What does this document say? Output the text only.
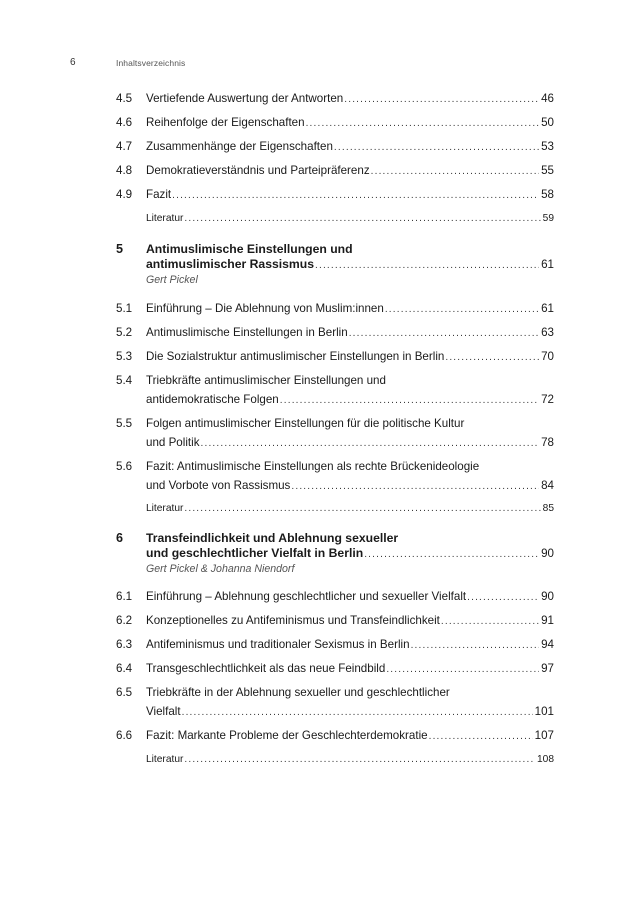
6	Inhaltsverzeichnis
4.5 Vertiefende Auswertung der Antworten .....	46
4.6 Reihenfolge der Eigenschaften .....	50
4.7 Zusammenhänge der Eigenschaften .....	53
4.8 Demokratieverständnis und Parteipräferenz .....	55
4.9 Fazit .....	58
Literatur .....	59
5 Antimuslimische Einstellungen und
antimuslimischer Rassismus .....	61
Gert Pickel
5.1 Einführung – Die Ablehnung von Muslim:innen .....	61
5.2 Antimuslimische Einstellungen in Berlin .....	63
5.3 Die Sozialstruktur antimuslimischer Einstellungen in Berlin .....	70
5.4 Triebkräfte antimuslimischer Einstellungen und
antidemokratische Folgen .....	72
5.5 Folgen antimuslimischer Einstellungen für die politische Kultur
und Politik .....	78
5.6 Fazit: Antimuslimische Einstellungen als rechte Brückenideologie
und Vorbote von Rassismus .....	84
Literatur .....	85
6 Transfeindlichkeit und Ablehnung sexueller
und geschlechtlicher Vielfalt in Berlin .....	90
Gert Pickel & Johanna Niendorf
6.1 Einführung – Ablehnung geschlechtlicher und sexueller Vielfalt .....	90
6.2 Konzeptionelles zu Antifeminismus und Transfeindlichkeit .....	91
6.3 Antifeminismus und traditionaler Sexismus in Berlin .....	94
6.4 Transgeschlechtlichkeit als das neue Feindbild .....	97
6.5 Triebkräfte in der Ablehnung sexueller und geschlechtlicher
Vielfalt .....	101
6.6 Fazit: Markante Probleme der Geschlechterdemokratie .....	107
Literatur .....	108
